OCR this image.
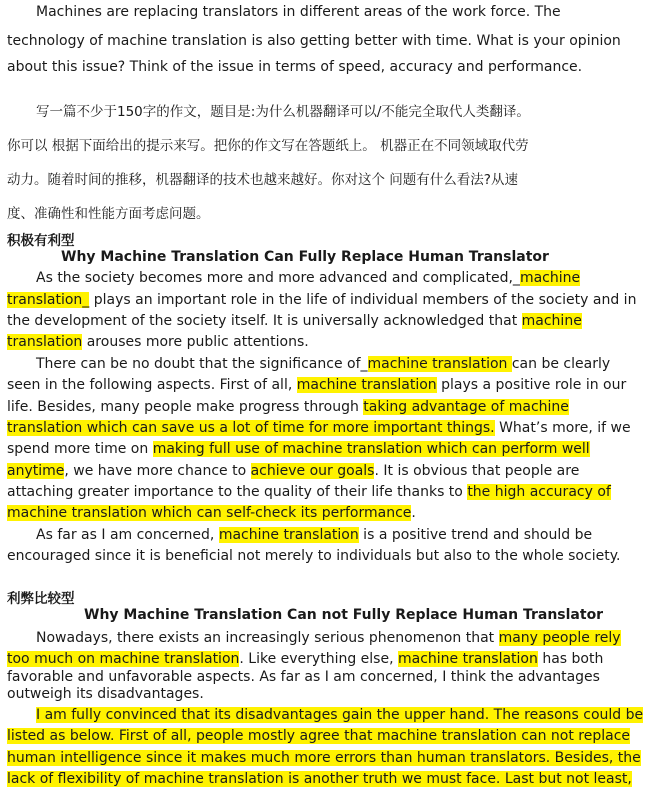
Machines are replacing translators in different areas of the work force. The
technology of machine translation is also getting better with time. What is your opinion
about this issue? Think of the issue in terms of speed, accuracy and performance.
写一篇不少于150字的作文，题目是:为什么机器翻译可以/不能完全取代人类翻译。
你可以 根据下面给出的提示来写。把你的作文写在答题纸上。 机器正在不同领域取代劳
动力。随着时间的推移，机器翻译的技术也越来越好。你对这个 问题有什么看法?从速
度、准确性和性能方面考虑问题。
积极有利型
Why Machine Translation Can Fully Replace Human Translator
As the society becomes more and more advanced and complicated,_machine
translation_ plays an important role in the life of individual members of the society and in
the development of the society itself. It is universally acknowledged that machine
translation arouses more public attentions.
There can be no doubt that the significance of_machine translation can be clearly
seen in the following aspects. First of all, machine translation plays a positive role in our
life. Besides, many people make progress through taking advantage of machine
translation which can save us a lot of time for more important things. What’s more, if we
spend more time on making full use of machine translation which can perform well
anytime, we have more chance to achieve our goals. It is obvious that people are
attaching greater importance to the quality of their life thanks to the high accuracy of
machine translation which can self-check its performance.
As far as I am concerned, machine translation is a positive trend and should be
encouraged since it is beneficial not merely to individuals but also to the whole society.
利弊比较型
Why Machine Translation Can not Fully Replace Human Translator
Nowadays, there exists an increasingly serious phenomenon that many people rely
too much on machine translation. Like everything else, machine translation has both
favorable and unfavorable aspects. As far as I am concerned, I think the advantages
outweigh its disadvantages.
I am fully convinced that its disadvantages gain the upper hand. The reasons could be
listed as below. First of all, people mostly agree that machine translation can not replace
human intelligence since it makes much more errors than human translators. Besides, the
lack of flexibility of machine translation is another truth we must face. Last but not least,
